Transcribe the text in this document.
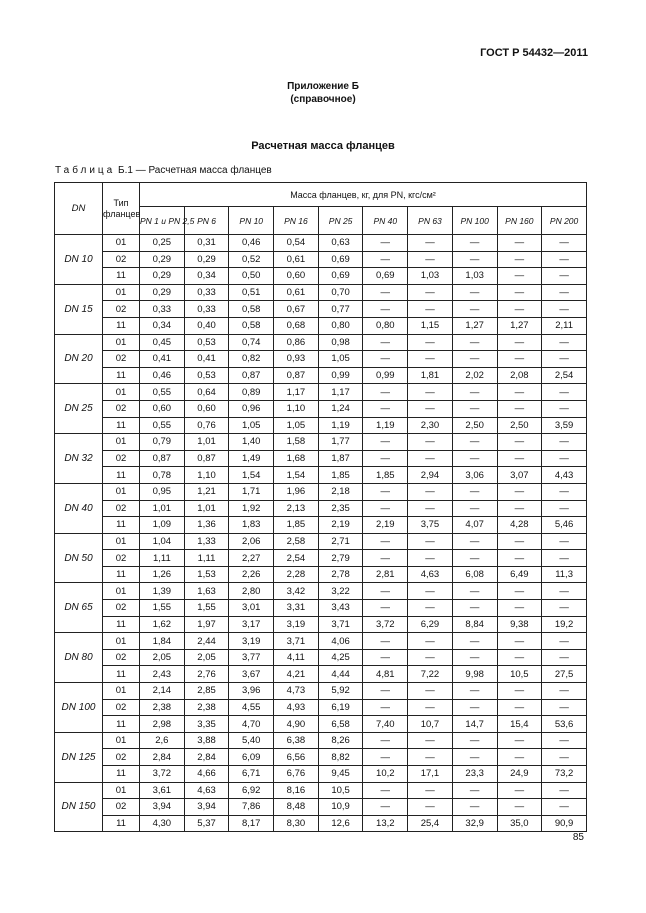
ГОСТ Р 54432—2011
Приложение Б
(справочное)
Расчетная масса фланцев
Таблица Б.1 — Расчетная масса фланцев
DN	Тип фланцев	Масса фланцев, кг, для PN, кгс/см²									
		PN 1 и PN 2,5	PN 6	PN 10	PN 16	PN 25	PN 40	PN 63	PN 100	PN 160	PN 200
DN 10	01	0,25	0,31	0,46	0,54	0,63	—	—	—	—	—
	02	0,29	0,29	0,52	0,61	0,69	—	—	—	—	—
	11	0,29	0,34	0,50	0,60	0,69	0,69	1,03	1,03	—	—
DN 15	01	0,29	0,33	0,51	0,61	0,70	—	—	—	—	—
	02	0,33	0,33	0,58	0,67	0,77	—	—	—	—	—
	11	0,34	0,40	0,58	0,68	0,80	0,80	1,15	1,27	1,27	2,11
DN 20	01	0,45	0,53	0,74	0,86	0,98	—	—	—	—	—
	02	0,41	0,41	0,82	0,93	1,05	—	—	—	—	—
	11	0,46	0,53	0,87	0,87	0,99	0,99	1,81	2,02	2,08	2,54
DN 25	01	0,55	0,64	0,89	1,17	1,17	—	—	—	—	—
	02	0,60	0,60	0,96	1,10	1,24	—	—	—	—	—
	11	0,55	0,76	1,05	1,05	1,19	1,19	2,30	2,50	2,50	3,59
DN 32	01	0,79	1,01	1,40	1,58	1,77	—	—	—	—	—
	02	0,87	0,87	1,49	1,68	1,87	—	—	—	—	—
	11	0,78	1,10	1,54	1,54	1,85	1,85	2,94	3,06	3,07	4,43
DN 40	01	0,95	1,21	1,71	1,96	2,18	—	—	—	—	—
	02	1,01	1,01	1,92	2,13	2,35	—	—	—	—	—
	11	1,09	1,36	1,83	1,85	2,19	2,19	3,75	4,07	4,28	5,46
DN 50	01	1,04	1,33	2,06	2,58	2,71	—	—	—	—	—
	02	1,11	1,11	2,27	2,54	2,79	—	—	—	—	—
	11	1,26	1,53	2,26	2,28	2,78	2,81	4,63	6,08	6,49	11,3
DN 65	01	1,39	1,63	2,80	3,42	3,22	—	—	—	—	—
	02	1,55	1,55	3,01	3,31	3,43	—	—	—	—	—
	11	1,62	1,97	3,17	3,19	3,71	3,72	6,29	8,84	9,38	19,2
DN 80	01	1,84	2,44	3,19	3,71	4,06	—	—	—	—	—
	02	2,05	2,05	3,77	4,11	4,25	—	—	—	—	—
	11	2,43	2,76	3,67	4,21	4,44	4,81	7,22	9,98	10,5	27,5
DN 100	01	2,14	2,85	3,96	4,73	5,92	—	—	—	—	—
	02	2,38	2,38	4,55	4,93	6,19	—	—	—	—	—
	11	2,98	3,35	4,70	4,90	6,58	7,40	10,7	14,7	15,4	53,6
DN 125	01	2,6	3,88	5,40	6,38	8,26	—	—	—	—	—
	02	2,84	2,84	6,09	6,56	8,82	—	—	—	—	—
	11	3,72	4,66	6,71	6,76	9,45	10,2	17,1	23,3	24,9	73,2
DN 150	01	3,61	4,63	6,92	8,16	10,5	—	—	—	—	—
	02	3,94	3,94	7,86	8,48	10,9	—	—	—	—	—
	11	4,30	5,37	8,17	8,30	12,6	13,2	25,4	32,9	35,0	90,9
85
